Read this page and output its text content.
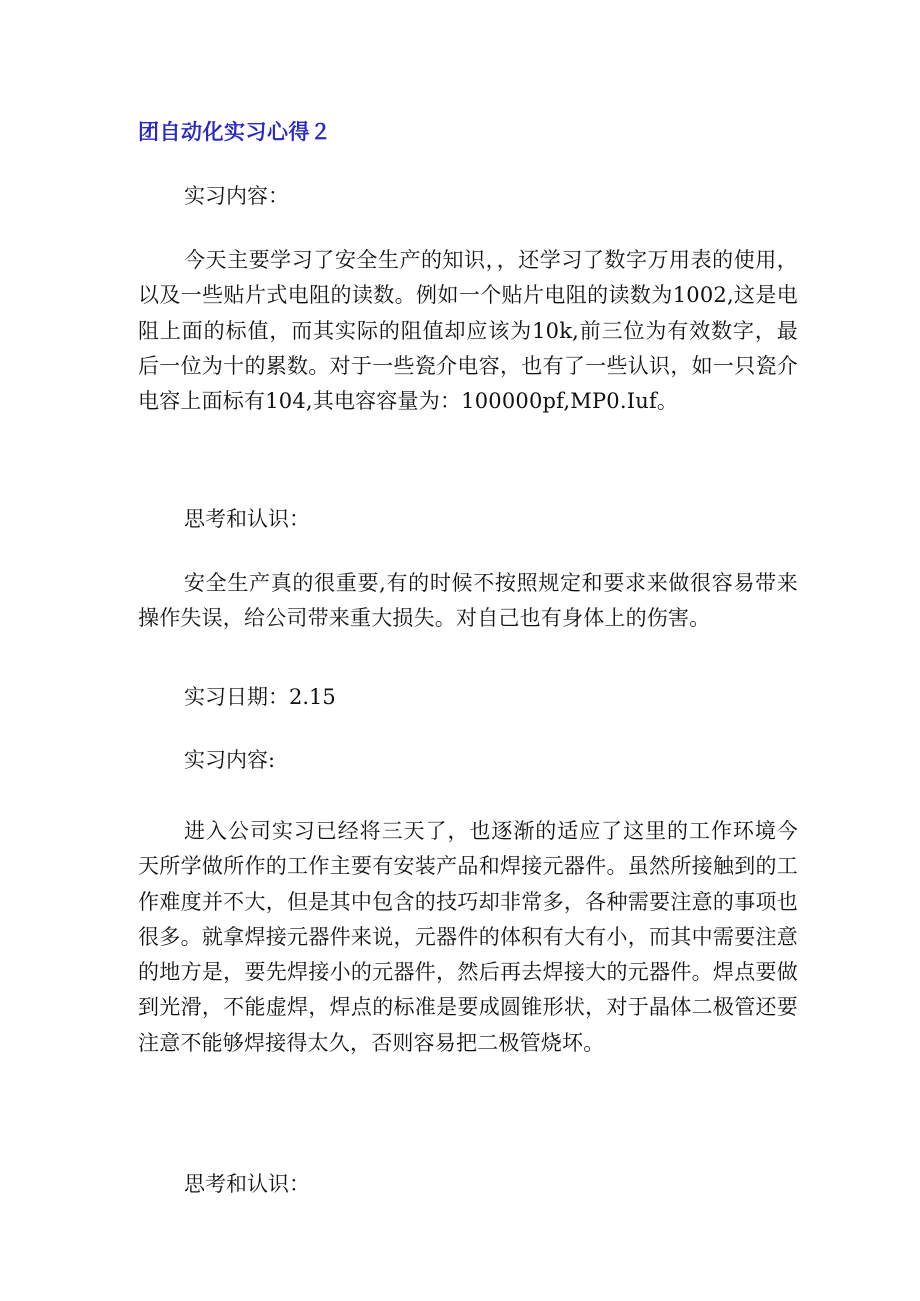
团自动化实习心得２

实习内容：

今天主要学习了安全生产的知识，，还学习了数字万用表的使用，以及一些贴片式电阻的读数。例如一个贴片电阻的读数为1002,这是电阻上面的标值，而其实际的阻值却应该为10k,前三位为有效数字，最后一位为十的累数。对于一些瓷介电容，也有了一些认识，如一只瓷介电容上面标有104,其电容容量为：100000pf,MP0.Iuf。

思考和认识：

安全生产真的很重要,有的时候不按照规定和要求来做很容易带来操作失误，给公司带来重大损失。对自己也有身体上的伤害。

实习日期：2.15

实习内容:

进入公司实习已经将三天了，也逐渐的适应了这里的工作环境今天所学做所作的工作主要有安装产品和焊接元器件。虽然所接触到的工作难度并不大，但是其中包含的技巧却非常多，各种需要注意的事项也很多。就拿焊接元器件来说，元器件的体积有大有小，而其中需要注意的地方是，要先焊接小的元器件，然后再去焊接大的元器件。焊点要做到光滑，不能虚焊，焊点的标准是要成圆锥形状，对于晶体二极管还要注意不能够焊接得太久，否则容易把二极管烧坏。

思考和认识：
